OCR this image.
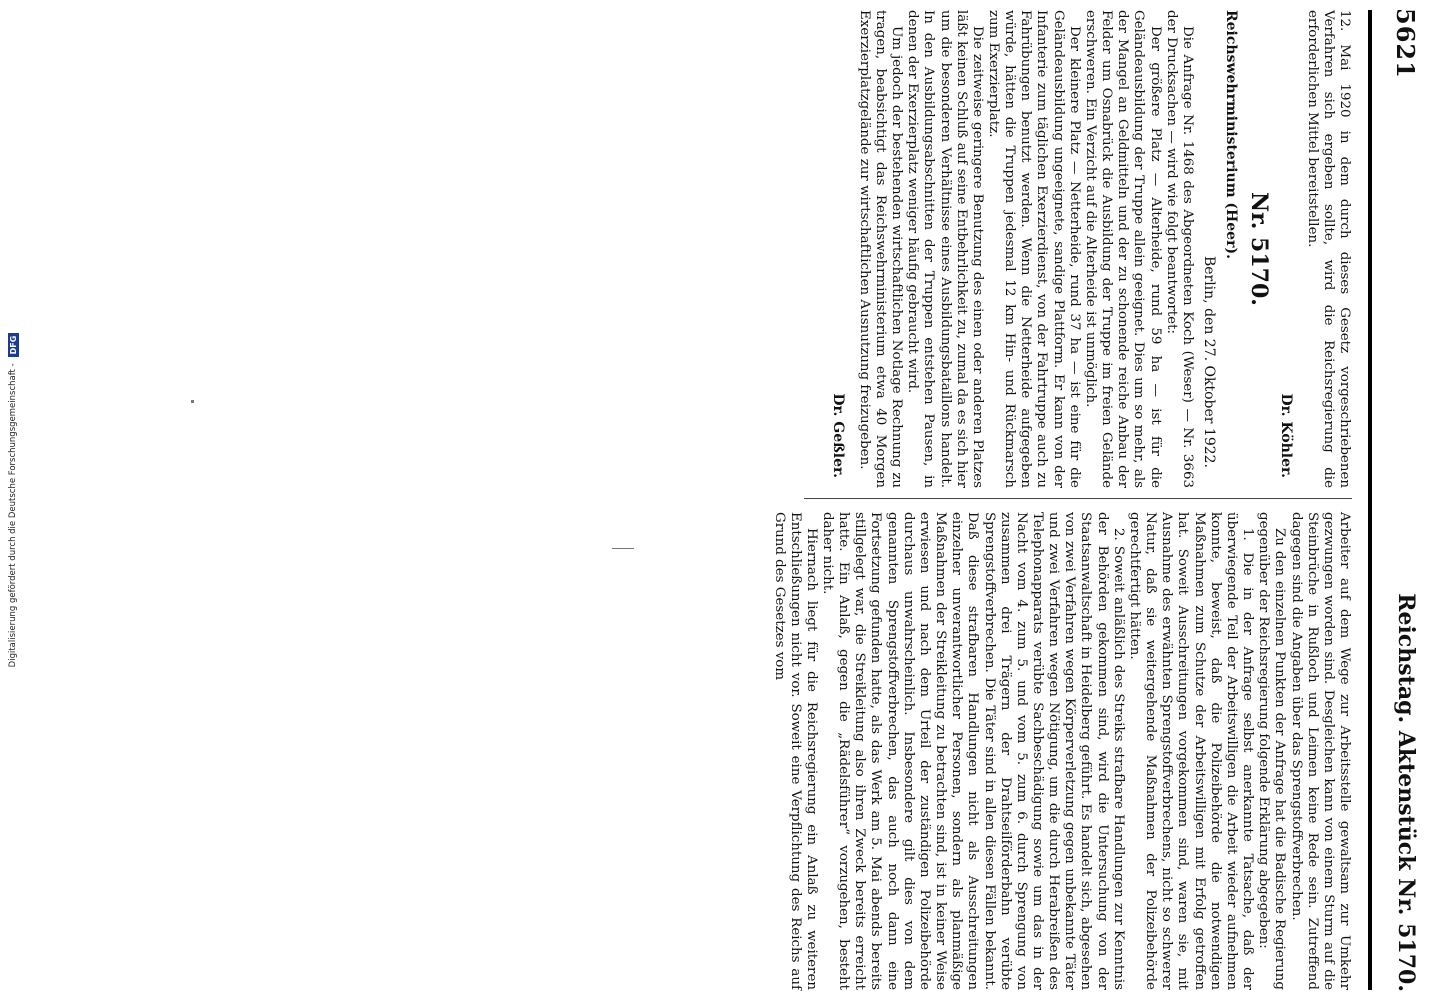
5621
Reichstag. Aktenstück Nr. 5170.

12. Mai 1920 in dem durch dieses Gesetz vorgeschriebenen Verfahren sich ergeben sollte, wird die Reichsregierung die erforderlichen Mittel bereitstellen.

Dr. Köhler.
Nr. 5170.
Reichswehrministerium (Heer).
Berlin, den 27. Oktober 1922.

Die Anfrage Nr. 1468 des Abgeordneten Koch (Weser) — Nr. 3663 der Drucksachen — wird wie folgt beantwortet:

Der größere Platz — Alterheide, rund 59 ha — ist für die Geländeausbildung der Truppe allein geeignet. Dies um so mehr, als der Mangel an Geldmitteln und der zu schonende reiche Anbau der Felder um Osnabrück die Ausbildung der Truppe im freien Gelände erschweren. Ein Verzicht auf die Alterheide ist unmöglich.

Der kleinere Platz — Netterheide, rund 37 ha — ist eine für die Geländeausbildung ungeeignete, sandige Plattform. Er kann von der Infanterie zum täglichen Exerzierdienst, von der Fahrtruppe auch zu Fahrübungen benutzt werden. Wenn die Netterheide aufgegeben würde, hätten die Truppen jedesmal 12 km Hin- und Rückmarsch zum Exerzierplatz.

Die zeitweise geringere Benutzung des einen oder anderen Platzes läßt keinen Schluß auf seine Entbehrlichkeit zu, zumal da es sich hier um die besonderen Verhältnisse eines Ausbildungsbataillons handelt. In den Ausbildungsabschnitten der Truppen entstehen Pausen, in denen der Exerzierplatz weniger häufig gebraucht wird.

Um jedoch der bestehenden wirtschaftlichen Notlage Rechnung zu tragen, beabsichtigt das Reichswehrministerium etwa 40 Morgen Exerzierplatzgelände zur wirtschaftlichen Ausnutzung freizugeben.

Dr. Geßler.

Arbeiter auf dem Wege zur Arbeitsstelle gewaltsam zur Umkehr gezwungen worden sind. Desgleichen kann von einem Sturm auf die Steinbrüche in Rußloch und Leimen keine Rede sein. Zutreffend dagegen sind die Angaben über das Sprengstoffverbrechen.

Zu den einzelnen Punkten der Anfrage hat die Badische Regierung gegenüber der Reichsregierung folgende Erklärung abgegeben:

1. Die in der Anfrage selbst anerkannte Tatsache, daß der überwiegende Teil der Arbeitswilligen die Arbeit wieder aufnehmen konnte, beweist, daß die Polizeibehörde die notwendigen Maßnahmen zum Schutze der Arbeitswilligen mit Erfolg getroffen hat. Soweit Ausschreitungen vorgekommen sind, waren sie, mit Ausnahme des erwähnten Sprengstoffverbrechens, nicht so schwerer Natur, daß sie weitergehende Maßnahmen der Polizeibehörde gerechtfertigt hätten.

2. Soweit anläßlich des Streiks strafbare Handlungen zur Kenntnis der Behörden gekommen sind, wird die Untersuchung von der Staatsanwaltschaft in Heidelberg geführt. Es handelt sich, abgesehen von zwei Verfahren wegen Körperverletzung gegen unbekannte Täter und zwei Verfahren wegen Nötigung, um die durch Herabreißen des Telephonapparats verübte Sachbeschädigung sowie um das in der Nacht vom 4. zum 5. und vom 5. zum 6. durch Sprengung von zusammen drei Trägern der Drahtseilförderbahn verübte Sprengstoffverbrechen. Die Täter sind in allen diesen Fällen bekannt. Daß diese strafbaren Handlungen nicht als Ausschreitungen einzelner unverantwortlicher Personen, sondern als planmäßige Maßnahmen der Streikleitung zu betrachten sind, ist in keiner Weise erwiesen und nach dem Urteil der zuständigen Polizeibehörde durchaus unwahrscheinlich. Insbesondere gilt dies von dem genannten Sprengstoffverbrechen, das auch noch dann eine Fortsetzung gefunden hatte, als das Werk am 5. Mai abends bereits stillgelegt war, die Streikleitung also ihren Zweck bereits erreicht hatte. Ein Anlaß, gegen die „Rädelsführer“ vorzugehen, besteht daher nicht.

Hiernach liegt für die Reichsregierung ein Anlaß zu weiteren Entschließungen nicht vor. Soweit eine Verpflichtung des Reichs auf Grund des Gesetzes vom

Digitalisierung gefördert durch die Deutsche Forschungsgemeinschaft -
DFG
